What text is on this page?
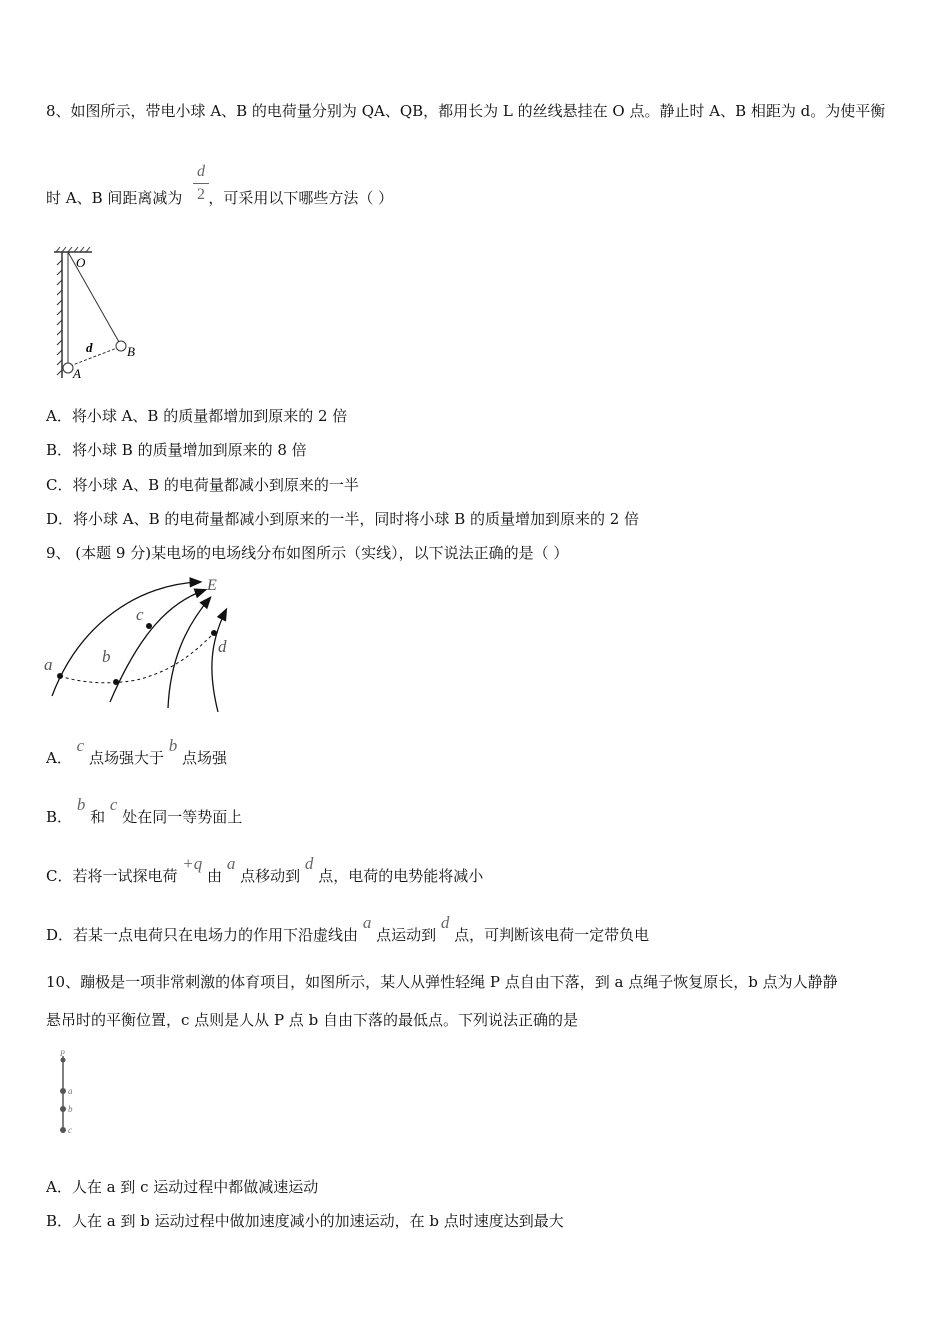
8、如图所示，带电小球 A、B 的电荷量分别为 QA、QB，都用长为 L 的丝线悬挂在 O 点。静止时 A、B 相距为 d。为使平衡
d
2
时 A、B 间距离减为 ，可采用以下哪些方法（ ）
O
B
A
d
A．将小球 A、B 的质量都增加到原来的 2 倍
B．将小球 B 的质量增加到原来的 8 倍
C．将小球 A、B 的电荷量都减小到原来的一半
D．将小球 A、B 的电荷量都减小到原来的一半，同时将小球 B 的质量增加到原来的 2 倍
9、 (本题 9 分)某电场的电场线分布如图所示（实线），以下说法正确的是（ ）
E
a	b
c
d
A． c 点场强大于 b 点场强
B． b 和 c 处在同一等势面上
C．若将一试探电荷 +q 由 a 点移动到 d 点，电荷的电势能将减小
D．若某一点电荷只在电场力的作用下沿虚线由 a 点运动到 d 点，可判断该电荷一定带负电
10、蹦极是一项非常刺激的体育项目，如图所示，某人从弹性轻绳 P 点自由下落，到 a 点绳子恢复原长，b 点为人静静
悬吊时的平衡位置，c 点则是人从 P 点 b 自由下落的最低点。下列说法正确的是
P
a
b
c
A．人在 a 到 c 运动过程中都做减速运动
B．人在 a 到 b 运动过程中做加速度减小的加速运动，在 b 点时速度达到最大
